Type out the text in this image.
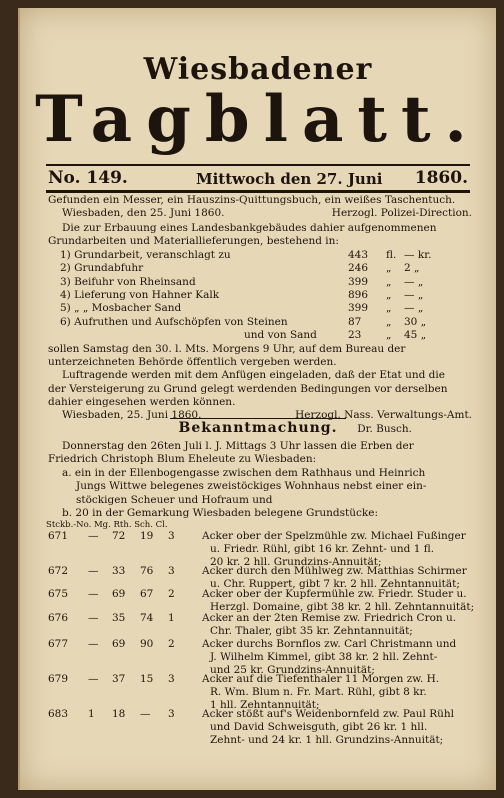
Wiesbadener
Tagblatt.
No. 149.	Mittwoch den 27. Juni 1860.
Gefunden ein Messer, ein Hauszins-Quittungsbuch, ein weißes Taschentuch.
Wiesbaden, den 25. Juni 1860.	Herzogl. Polizei-Direction.
Die zur Erbauung eines Landesbankgebäudes dahier aufgenommenen
Grundarbeiten und Materiallieferungen, bestehend in:
1) Grundarbeit, veranschlagt zu	443 fl. — kr.
2) Grundabfuhr	246 „ 2 „
3) Beifuhr von Rheinsand	399 „ — „
4) Lieferung von Hahner Kalk	896 „ — „
5) „ „ Mosbacher Sand	399 „ — „
6) Aufruthen und Aufschöpfen von Steinen	87 „ 30 „
und von Sand	23 „ 45 „
sollen Samstag den 30. l. Mts. Morgens 9 Uhr, auf dem Bureau der
unterzeichneten Behörde öffentlich vergeben werden.
Luftragende werden mit dem Anfügen eingeladen, daß der Etat und die
der Versteigerung zu Grund gelegt werdenden Bedingungen vor derselben
dahier eingesehen werden können.
Wiesbaden, 25. Juni 1860.	Herzogl. Nass. Verwaltungs-Amt.
Dr. Busch.
Bekanntmachung.
Donnerstag den 26ten Juli l. J. Mittags 3 Uhr lassen die Erben der
Friedrich Christoph Blum Eheleute zu Wiesbaden:
a. ein in der Ellenbogengasse zwischen dem Rathhaus und Heinrich
Jungs Wittwe belegenes zweistöckiges Wohnhaus nebst einer ein-
stöckigen Scheuer und Hofraum und
b. 20 in der Gemarkung Wiesbaden belegene Grundstücke:
Stckb.-No. Mg. Rth. Sch. Cl.
671 — 72 19 3	Acker ober der Spelzmühle zw. Michael Fußinger
u. Friedr. Rühl, gibt 16 kr. Zehnt- und 1 fl.
20 kr. 2 hll. Grundzins-Annuität;
672 — 33 76 3	Acker durch den Mühlweg zw. Matthias Schirmer
u. Chr. Ruppert, gibt 7 kr. 2 hll. Zehntannuität;
675 — 69 67 2	Acker ober der Kupfermühle zw. Friedr. Studer u.
Herzgl. Domaine, gibt 38 kr. 2 hll. Zehntannuität;
676 — 35 74 1	Acker an der 2ten Remise zw. Friedrich Cron u.
Chr. Thaler, gibt 35 kr. Zehntannuität;
677 — 69 90 2	Acker durchs Bornflos zw. Carl Christmann und
J. Wilhelm Kimmel, gibt 38 kr. 2 hll. Zehnt-
und 25 kr. Grundzins-Annuität;
679 — 37 15 3	Acker auf die Tiefenthaler 11 Morgen zw. H.
R. Wm. Blum n. Fr. Mart. Rühl, gibt 8 kr.
1 hll. Zehntannuität;
683 1 18 — 3	Acker stößt auf's Weidenbornfeld zw. Paul Rühl
und David Schweisguth, gibt 26 kr. 1 hll.
Zehnt- und 24 kr. 1 hll. Grundzins-Annuität;
